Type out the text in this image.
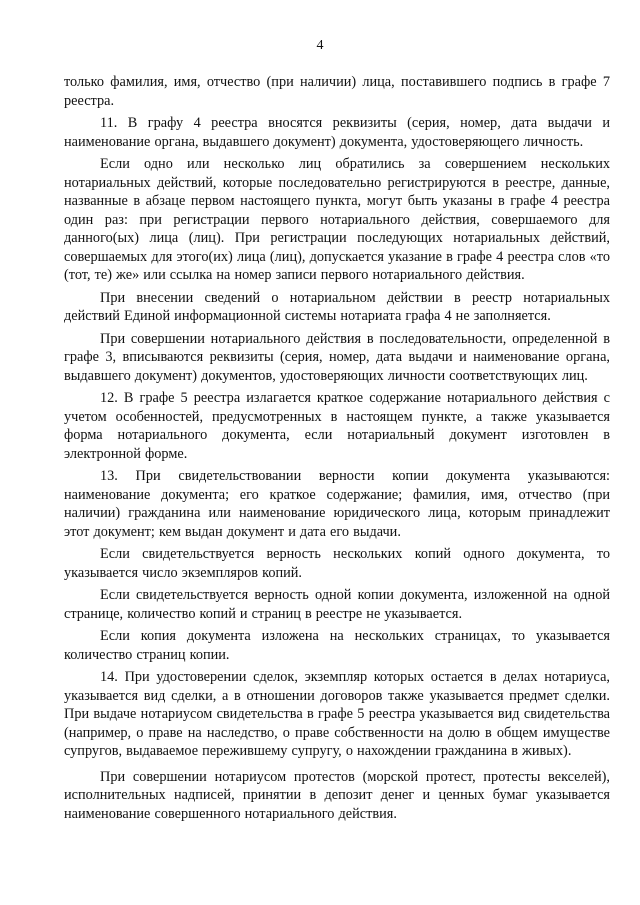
4

только фамилия, имя, отчество (при наличии) лица, поставившего подпись в графе 7 реестра.

11. В графу 4 реестра вносятся реквизиты (серия, номер, дата выдачи и наименование органа, выдавшего документ) документа, удостоверяющего личность.

Если одно или несколько лиц обратились за совершением нескольких нотариальных действий, которые последовательно регистрируются в реестре, данные, названные в абзаце первом настоящего пункта, могут быть указаны в графе 4 реестра один раз: при регистрации первого нотариального действия, совершаемого для данного(ых) лица (лиц). При регистрации последующих нотариальных действий, совершаемых для этого(их) лица (лиц), допускается указание в графе 4 реестра слов «то (тот, те) же» или ссылка на номер записи первого нотариального действия.

При внесении сведений о нотариальном действии в реестр нотариальных действий Единой информационной системы нотариата графа 4 не заполняется.

При совершении нотариального действия в последовательности, определенной в графе 3, вписываются реквизиты (серия, номер, дата выдачи и наименование органа, выдавшего документ) документов, удостоверяющих личности соответствующих лиц.

12. В графе 5 реестра излагается краткое содержание нотариального действия с учетом особенностей, предусмотренных в настоящем пункте, а также указывается форма нотариального документа, если нотариальный документ изготовлен в электронной форме.

13. При свидетельствовании верности копии документа указываются: наименование документа; его краткое содержание; фамилия, имя, отчество (при наличии) гражданина или наименование юридического лица, которым принадлежит этот документ; кем выдан документ и дата его выдачи.

Если свидетельствуется верность нескольких копий одного документа, то указывается число экземпляров копий.

Если свидетельствуется верность одной копии документа, изложенной на одной странице, количество копий и страниц в реестре не указывается.

Если копия документа изложена на нескольких страницах, то указывается количество страниц копии.

14. При удостоверении сделок, экземпляр которых остается в делах нотариуса, указывается вид сделки, а в отношении договоров также указывается предмет сделки. При выдаче нотариусом свидетельства в графе 5 реестра указывается вид свидетельства (например, о праве на наследство, о праве собственности на долю в общем имуществе супругов, выдаваемое пережившему супругу, о нахождении гражданина в живых).

При совершении нотариусом протестов (морской протест, протесты векселей), исполнительных надписей, принятии в депозит денег и ценных бумаг указывается наименование совершенного нотариального действия.
